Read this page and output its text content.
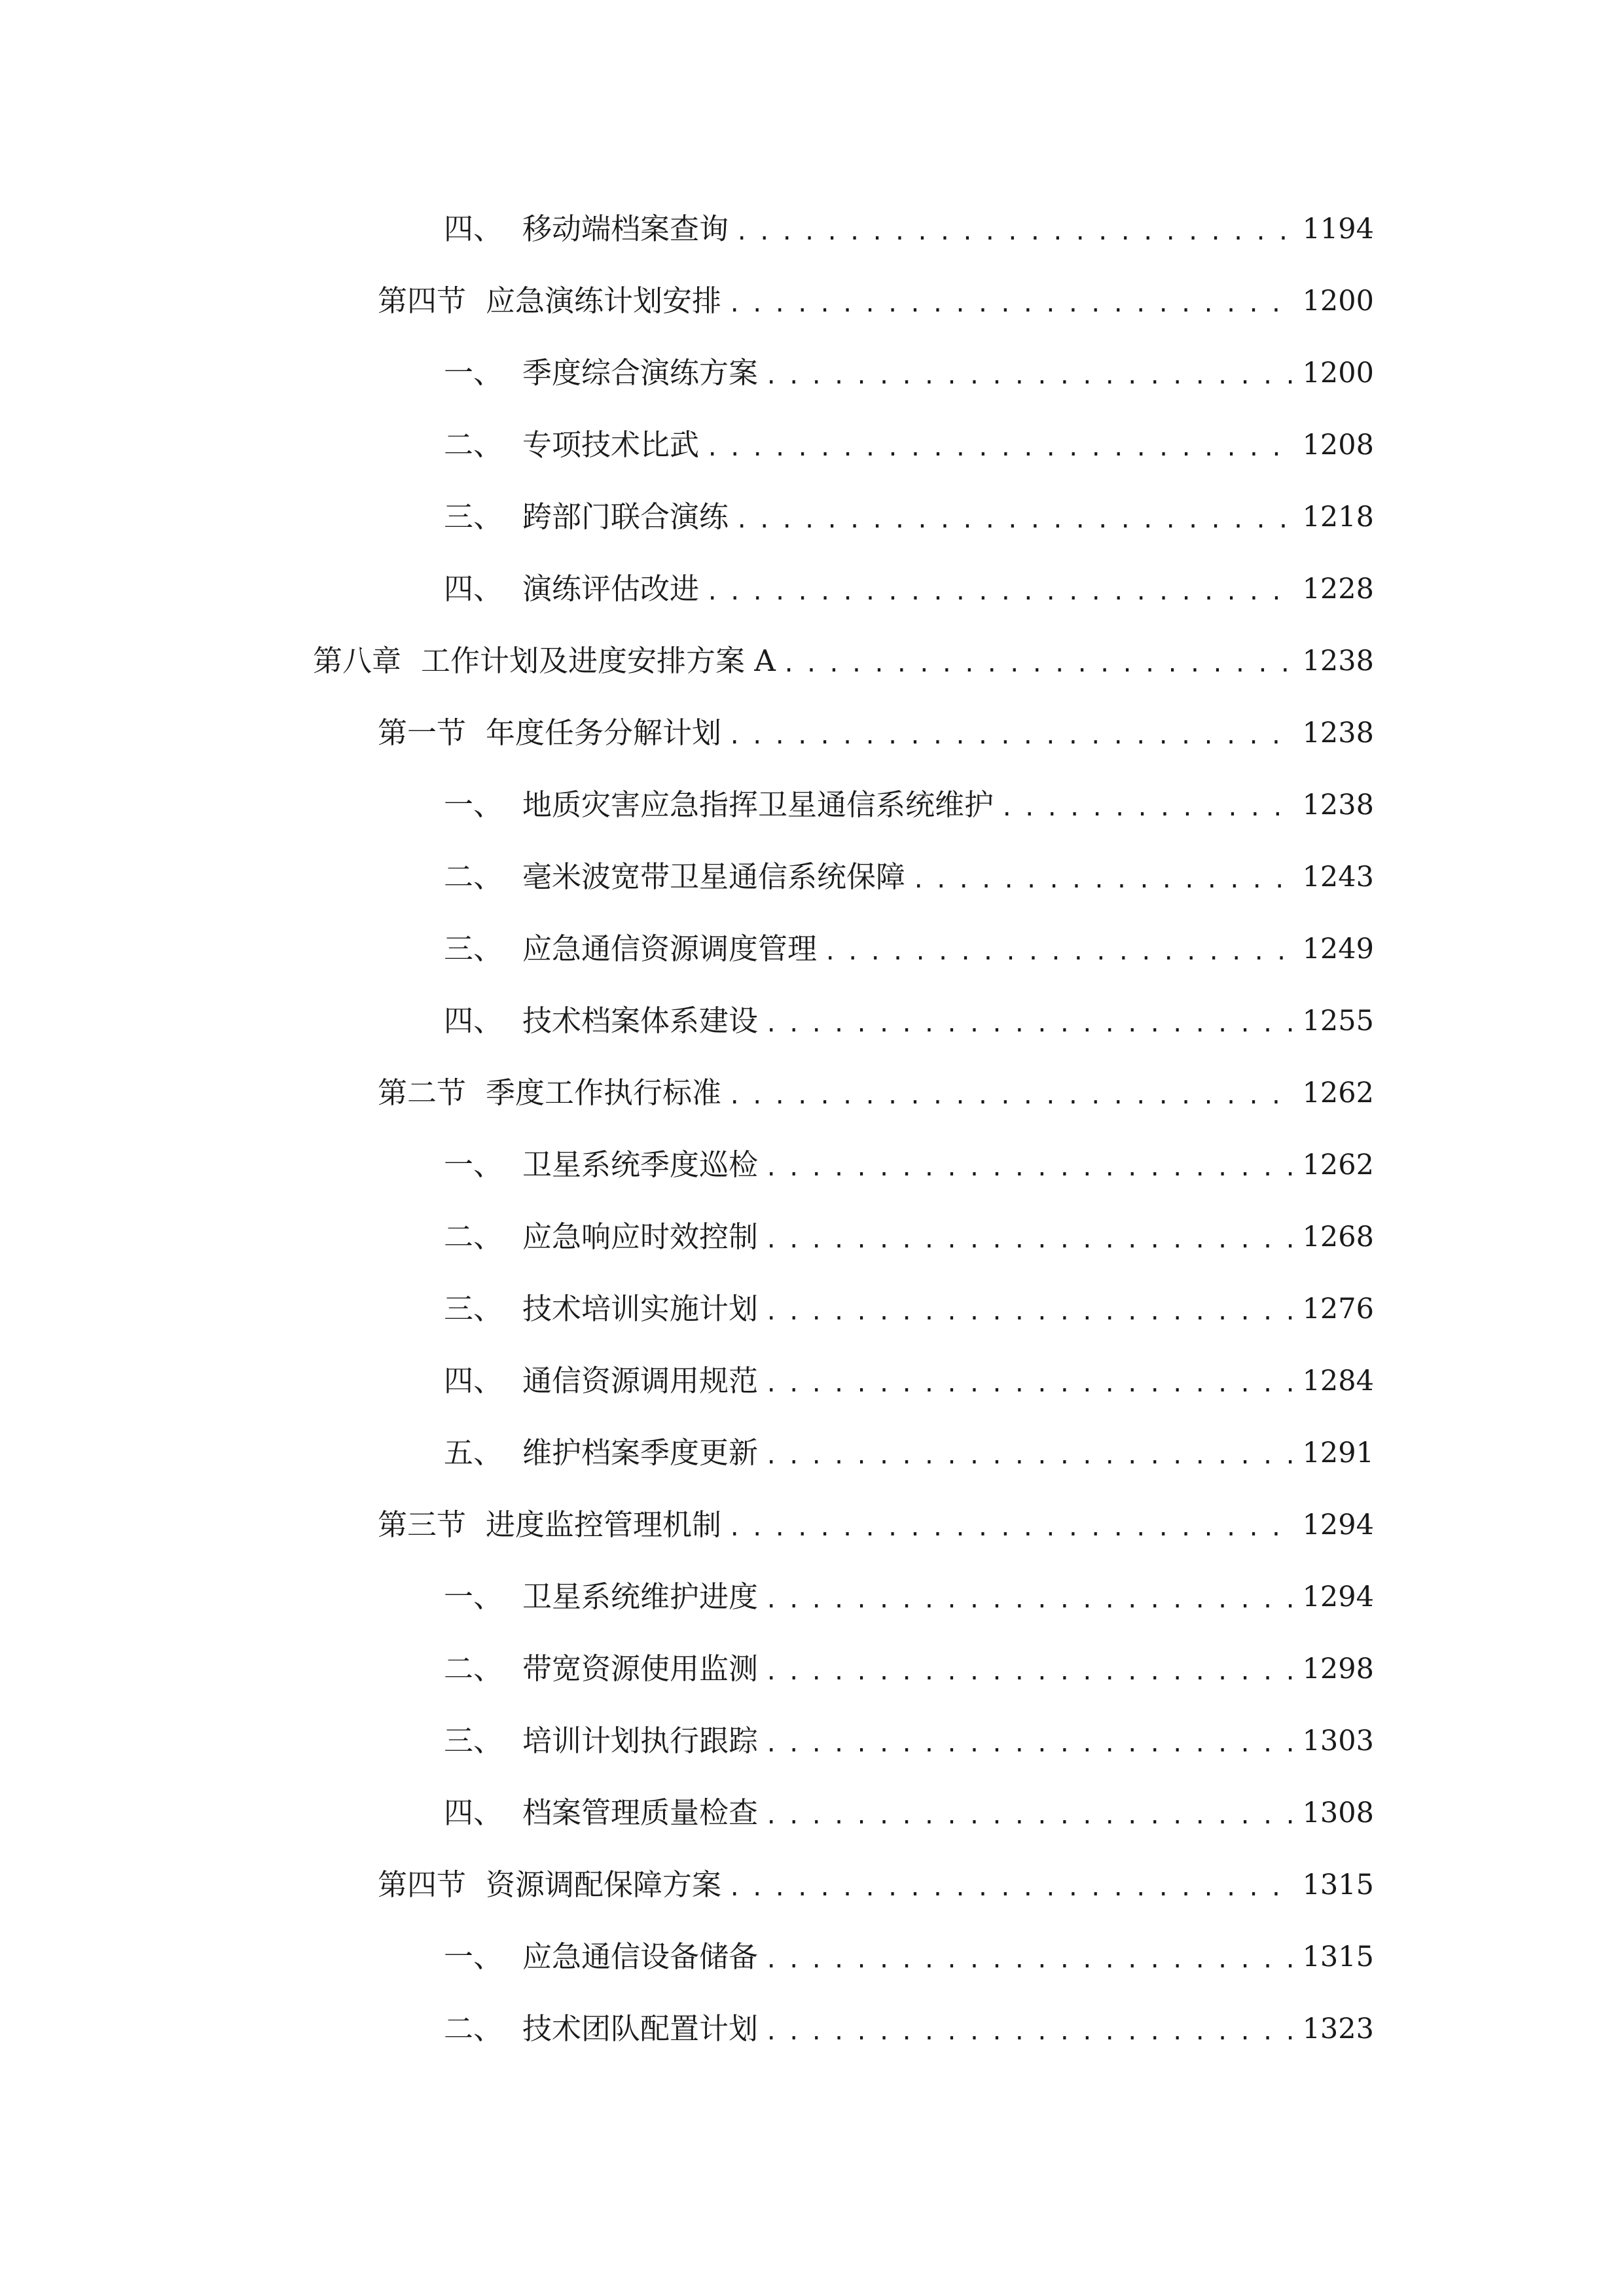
四、 移动端档案查询 .....	1194
第四节 应急演练计划安排 .....	1200
一、 季度综合演练方案 .....	1200
二、 专项技术比武 .....	1208
三、 跨部门联合演练 .....	1218
四、 演练评估改进 .....	1228
第八章 工作计划及进度安排方案 A .....	1238
第一节 年度任务分解计划 .....	1238
一、 地质灾害应急指挥卫星通信系统维护 .....	1238
二、 毫米波宽带卫星通信系统保障 .....	1243
三、 应急通信资源调度管理 .....	1249
四、 技术档案体系建设 .....	1255
第二节 季度工作执行标准 .....	1262
一、 卫星系统季度巡检 .....	1262
二、 应急响应时效控制 .....	1268
三、 技术培训实施计划 .....	1276
四、 通信资源调用规范 .....	1284
五、 维护档案季度更新 .....	1291
第三节 进度监控管理机制 .....	1294
一、 卫星系统维护进度 .....	1294
二、 带宽资源使用监测 .....	1298
三、 培训计划执行跟踪 .....	1303
四、 档案管理质量检查 .....	1308
第四节 资源调配保障方案 .....	1315
一、 应急通信设备储备 .....	1315
二、 技术团队配置计划 .....	1323
